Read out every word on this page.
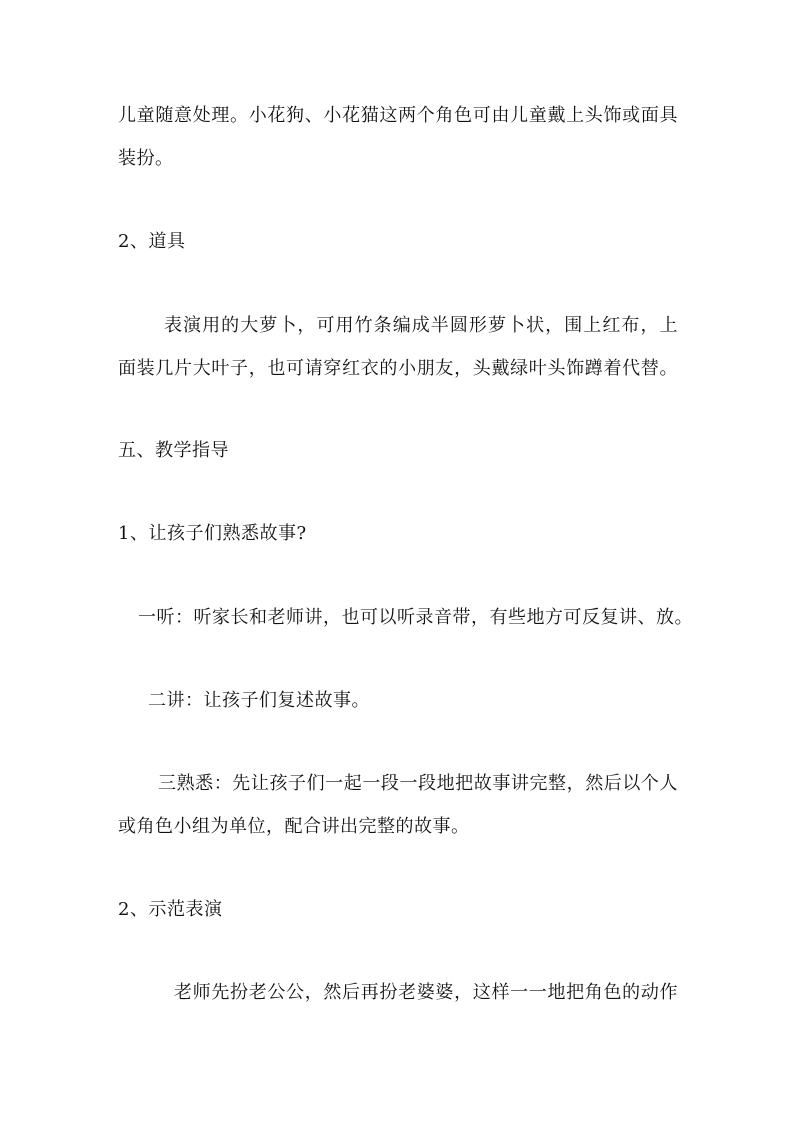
儿童随意处理。小花狗、小花猫这两个角色可由儿童戴上头饰或面具
装扮。
2、道具
表演用的大萝卜，可用竹条编成半圆形萝卜状，围上红布，上
面装几片大叶子，也可请穿红衣的小朋友，头戴绿叶头饰蹲着代替。
五、教学指导
1、让孩子们熟悉故事?
一听：听家长和老师讲，也可以听录音带，有些地方可反复讲、放。
二讲：让孩子们复述故事。
三熟悉：先让孩子们一起一段一段地把故事讲完整，然后以个人
或角色小组为单位，配合讲出完整的故事。
2、示范表演
老师先扮老公公，然后再扮老婆婆，这样一一地把角色的动作
